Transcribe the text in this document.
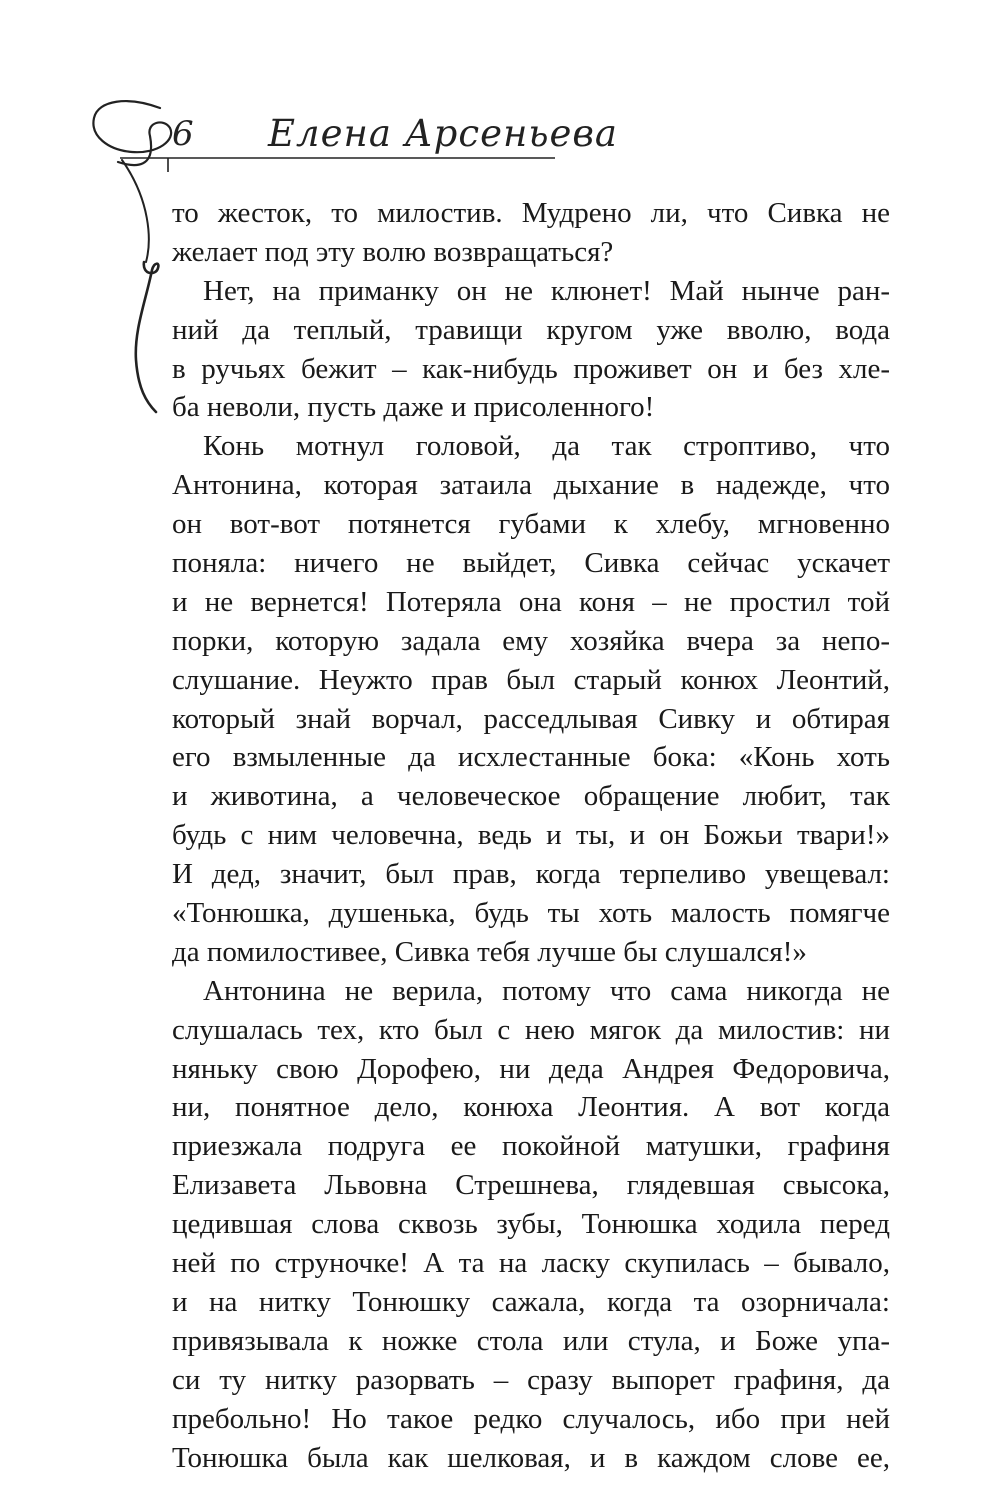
6 Елена Арсеньева
то жесток, то милостив. Мудрено ли, что Сивка не
желает под эту волю возвращаться?
Нет, на приманку он не клюнет! Май нынче ран-
ний да теплый, травищи кругом уже вволю, вода
в ручьях бежит – как-нибудь проживет он и без хле-
ба неволи, пусть даже и присоленного!
Конь мотнул головой, да так строптиво, что
Антонина, которая затаила дыхание в надежде, что
он вот-вот потянется губами к хлебу, мгновенно
поняла: ничего не выйдет, Сивка сейчас ускачет
и не вернется! Потеряла она коня – не простил той
порки, которую задала ему хозяйка вчера за непо-
слушание. Неужто прав был старый конюх Леонтий,
который знай ворчал, расседлывая Сивку и обтирая
его взмыленные да исхлестанные бока: «Конь хоть
и животина, а человеческое обращение любит, так
будь с ним человечна, ведь и ты, и он Божьи твари!»
И дед, значит, был прав, когда терпеливо увещевал:
«Тонюшка, душенька, будь ты хоть малость помягче
да помилостивее, Сивка тебя лучше бы слушался!»
Антонина не верила, потому что сама никогда не
слушалась тех, кто был с нею мягок да милостив: ни
няньку свою Дорофею, ни деда Андрея Федоровича,
ни, понятное дело, конюха Леонтия. А вот когда
приезжала подруга ее покойной матушки, графиня
Елизавета Львовна Стрешнева, глядевшая свысока,
цедившая слова сквозь зубы, Тонюшка ходила перед
ней по струночке! А та на ласку скупилась – бывало,
и на нитку Тонюшку сажала, когда та озорничала:
привязывала к ножке стола или стула, и Боже упа-
си ту нитку разорвать – сразу выпорет графиня, да
пребольно! Но такое редко случалось, ибо при ней
Тонюшка была как шелковая, и в каждом слове ее,
